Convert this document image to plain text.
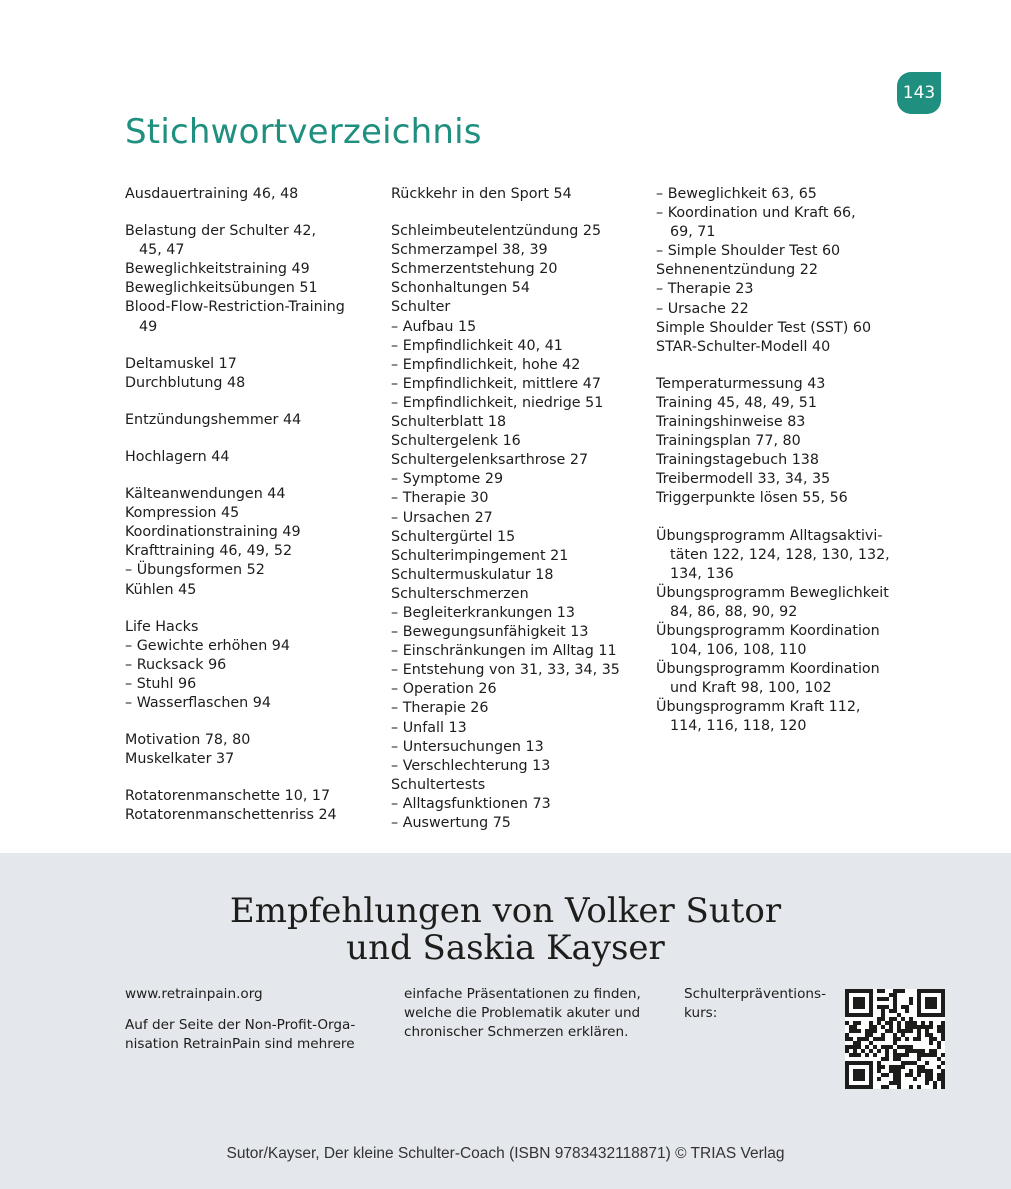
143
Stichwortverzeichnis
Ausdauertraining 46, 48
Belastung der Schulter 42,
45, 47
Beweglichkeitstraining 49
Beweglichkeitsübungen 51
Blood-Flow-Restriction-Training
49
Deltamuskel 17
Durchblutung 48
Entzündungshemmer 44
Hochlagern 44
Kälteanwendungen 44
Kompression 45
Koordinationstraining 49
Krafttraining 46, 49, 52
– Übungsformen 52
Kühlen 45
Life Hacks
– Gewichte erhöhen 94
– Rucksack 96
– Stuhl 96
– Wasserflaschen 94
Motivation 78, 80
Muskelkater 37
Rotatorenmanschette 10, 17
Rotatorenmanschettenriss 24
Rückkehr in den Sport 54
Schleimbeutelentzündung 25
Schmerzampel 38, 39
Schmerzentstehung 20
Schonhaltungen 54
Schulter
– Aufbau 15
– Empfindlichkeit 40, 41
– Empfindlichkeit, hohe 42
– Empfindlichkeit, mittlere 47
– Empfindlichkeit, niedrige 51
Schulterblatt 18
Schultergelenk 16
Schultergelenksarthrose 27
– Symptome 29
– Therapie 30
– Ursachen 27
Schultergürtel 15
Schulterimpingement 21
Schultermuskulatur 18
Schulterschmerzen
– Begleiterkrankungen 13
– Bewegungsunfähigkeit 13
– Einschränkungen im Alltag 11
– Entstehung von 31, 33, 34, 35
– Operation 26
– Therapie 26
– Unfall 13
– Untersuchungen 13
– Verschlechterung 13
Schultertests
– Alltagsfunktionen 73
– Auswertung 75
– Beweglichkeit 63, 65
– Koordination und Kraft 66,
69, 71
– Simple Shoulder Test 60
Sehnenentzündung 22
– Therapie 23
– Ursache 22
Simple Shoulder Test (SST) 60
STAR-Schulter-Modell 40
Temperaturmessung 43
Training 45, 48, 49, 51
Trainingshinweise 83
Trainingsplan 77, 80
Trainingstagebuch 138
Treibermodell 33, 34, 35
Triggerpunkte lösen 55, 56
Übungsprogramm Alltagsaktivi-
täten 122, 124, 128, 130, 132,
134, 136
Übungsprogramm Beweglichkeit
84, 86, 88, 90, 92
Übungsprogramm Koordination
104, 106, 108, 110
Übungsprogramm Koordination
und Kraft 98, 100, 102
Übungsprogramm Kraft 112,
114, 116, 118, 120
Empfehlungen von Volker Sutor
und Saskia Kayser
www.retrainpain.org
Auf der Seite der Non-Profit-Orga-
nisation RetrainPain sind mehrere
einfache Präsentationen zu finden,
welche die Problematik akuter und
chronischer Schmerzen erklären.
Schulterpräventions-
kurs:
Sutor/Kayser, Der kleine Schulter-Coach (ISBN 9783432118871) © TRIAS Verlag
